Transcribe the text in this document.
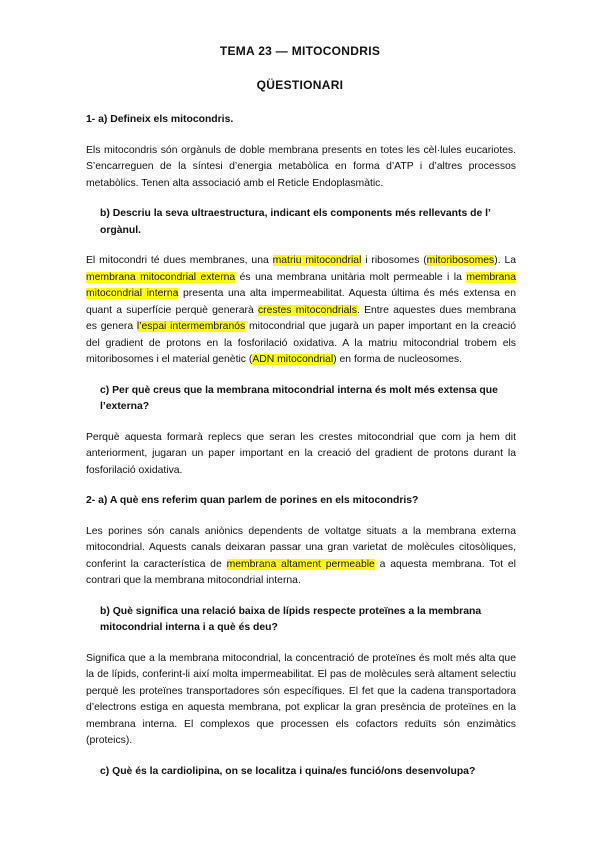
TEMA 23 — MITOCONDRIS
QÜESTIONARI

1- a) Defineix els mitocondris.

Els mitocondris són orgànuls de doble membrana presents en totes les cèl·lules eucariotes. S’encarreguen de la síntesi d’energia metabòlica en forma d’ATP i d’altres processos metabòlics. Tenen alta associació amb el Reticle Endoplasmàtic.

b) Descriu la seva ultraestructura, indicant els components més rellevants de l’ orgànul.

El mitocondri té dues membranes, una matriu mitocondrial i ribosomes (mitoribosomes). La membrana mitocondrial externa és una membrana unitària molt permeable i la membrana mitocondrial interna presenta una alta impermeabilitat. Aquesta última és més extensa en quant a superfície perquè generarà crestes mitocondrials. Entre aquestes dues membrana es genera l’espai intermembranós mitocondrial que jugarà un paper important en la creació del gradient de protons en la fosforilació oxidativa. A la matriu mitocondrial trobem els mitoribosomes i el material genètic (ADN mitocondrial) en forma de nucleosomes.

c) Per què creus que la membrana mitocondrial interna és molt més extensa que l’externa?

Perquè aquesta formarà replecs que seran les crestes mitocondrial que com ja hem dit anteriorment, jugaran un paper important en la creació del gradient de protons durant la fosforilació oxidativa.

2- a) A què ens referim quan parlem de porines en els mitocondris?

Les porines són canals aniònics dependents de voltatge situats a la membrana externa mitocondrial. Aquests canals deixaran passar una gran varietat de molècules citosòliques, conferint la característica de membrana altament permeable a aquesta membrana. Tot el contrari que la membrana mitocondrial interna.

b) Què significa una relació baixa de lípids respecte proteïnes a la membrana mitocondrial interna i a què és deu?

Significa que a la membrana mitocondrial, la concentració de proteïnes és molt més alta que la de lípids, conferint-li així molta impermeabilitat. El pas de molècules serà altament selectiu perquè les proteïnes transportadores són específiques. El fet que la cadena transportadora d’electrons estiga en aquesta membrana, pot explicar la gran presència de proteïnes en la membrana interna. El complexos que processen els cofactors reduïts són enzimàtics (proteics).

c) Què és la cardiolipina, on se localitza i quina/es funció/ons desenvolupa?
